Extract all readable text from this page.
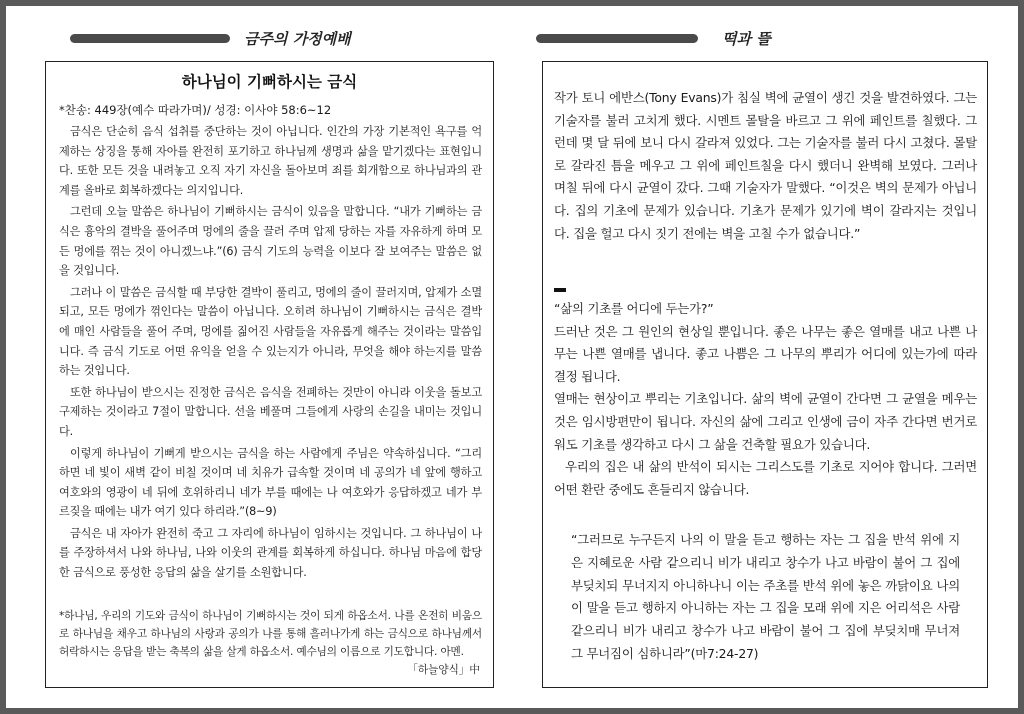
금주의 가정예배	떡과 뜰
하나님이 기뻐하시는 금식
*찬송: 449장(예수 따라가며)/ 성경: 이사야 58:6~12

금식은 단순히 음식 섭취를 중단하는 것이 아닙니다. 인간의 가장 기본적인 욕구를 억제하는 상징을 통해 자아를 완전히 포기하고 하나님께 생명과 삶을 맡기겠다는 표현입니다. 또한 모든 것을 내려놓고 오직 자기 자신을 돌아보며 죄를 회개함으로 하나님과의 관계를 올바로 회복하겠다는 의지입니다.

그런데 오늘 말씀은 하나님이 기뻐하시는 금식이 있음을 말합니다. “내가 기뻐하는 금식은 흉악의 결박을 풀어주며 멍에의 줄을 끌러 주며 압제 당하는 자를 자유하게 하며 모든 멍에를 꺾는 것이 아니겠느냐.”(6) 금식 기도의 능력을 이보다 잘 보여주는 말씀은 없을 것입니다.

그러나 이 말씀은 금식할 때 부당한 결박이 풀리고, 멍에의 줄이 끌러지며, 압제가 소멸되고, 모든 멍에가 꺾인다는 말씀이 아닙니다. 오히려 하나님이 기뻐하시는 금식은 결박에 매인 사람들을 풀어 주며, 멍에를 짊어진 사람들을 자유롭게 해주는 것이라는 말씀입니다. 즉 금식 기도로 어떤 유익을 얻을 수 있는지가 아니라, 무엇을 해야 하는지를 말씀하는 것입니다.

또한 하나님이 받으시는 진정한 금식은 음식을 전폐하는 것만이 아니라 이웃을 돌보고 구제하는 것이라고 7절이 말합니다. 선을 베풀며 그들에게 사랑의 손길을 내미는 것입니다.

이렇게 하나님이 기뻐게 받으시는 금식을 하는 사람에게 주님은 약속하십니다. “그리하면 네 빛이 새벽 같이 비칠 것이며 네 치유가 급속할 것이며 네 공의가 네 앞에 행하고 여호와의 영광이 네 뒤에 호위하리니 네가 부를 때에는 나 여호와가 응답하겠고 네가 부르짖을 때에는 내가 여기 있다 하리라.”(8~9)

금식은 내 자아가 완전히 죽고 그 자리에 하나님이 임하시는 것입니다. 그 하나님이 나를 주장하셔서 나와 하나님, 나와 이웃의 관계를 회복하게 하십니다. 하나님 마음에 합당한 금식으로 풍성한 응답의 삶을 살기를 소원합니다.

*하나님, 우리의 기도와 금식이 하나님이 기뻐하시는 것이 되게 하옵소서. 나를 온전히 비움으로 하나님을 채우고 하나님의 사랑과 공의가 나를 통해 흘러나가게 하는 금식으로 하나님께서 허락하시는 응답을 받는 축복의 삶을 살게 하옵소서. 예수님의 이름으로 기도합니다. 아멘.
「하늘양식」中

작가 토니 에반스(Tony Evans)가 침실 벽에 균열이 생긴 것을 발견하였다. 그는 기술자를 불러 고치게 했다. 시멘트 몰탈을 바르고 그 위에 페인트를 칠했다. 그런데 몇 달 뒤에 보니 다시 갈라져 있었다. 그는 기술자를 불러 다시 고쳤다. 몰탈로 갈라진 틈을 메우고 그 위에 페인트칠을 다시 했더니 완벽해 보였다. 그러나 며칠 뒤에 다시 균열이 갔다. 그때 기술자가 말했다. “이것은 벽의 문제가 아닙니다. 집의 기초에 문제가 있습니다. 기초가 문제가 있기에 벽이 갈라지는 것입니다. 집을 헐고 다시 짓기 전에는 벽을 고칠 수가 없습니다.”

“삶의 기초를 어디에 두는가?”

드러난 것은 그 원인의 현상일 뿐입니다. 좋은 나무는 좋은 열매를 내고 나쁜 나무는 나쁜 열매를 냅니다. 좋고 나쁨은 그 나무의 뿌리가 어디에 있는가에 따라 결정 됩니다.

열매는 현상이고 뿌리는 기초입니다. 삶의 벽에 균열이 간다면 그 균열을 메우는 것은 임시방편만이 됩니다. 자신의 삶에 그리고 인생에 금이 자주 간다면 번거로워도 기초를 생각하고 다시 그 삶을 건축할 필요가 있습니다.

우리의 집은 내 삶의 반석이 되시는 그리스도를 기초로 지어야 합니다. 그러면 어떤 환란 중에도 흔들리지 않습니다.

“그러므로 누구든지 나의 이 말을 듣고 행하는 자는 그 집을 반석 위에 지은 지혜로운 사람 같으리니 비가 내리고 창수가 나고 바람이 불어 그 집에 부딪치되 무너지지 아니하나니 이는 주초를 반석 위에 놓은 까닭이요 나의 이 말을 듣고 행하지 아니하는 자는 그 집을 모래 위에 지은 어리석은 사람 같으리니 비가 내리고 창수가 나고 바람이 불어 그 집에 부딪치매 무너져 그 무너짐이 심하니라”(마7:24-27)
